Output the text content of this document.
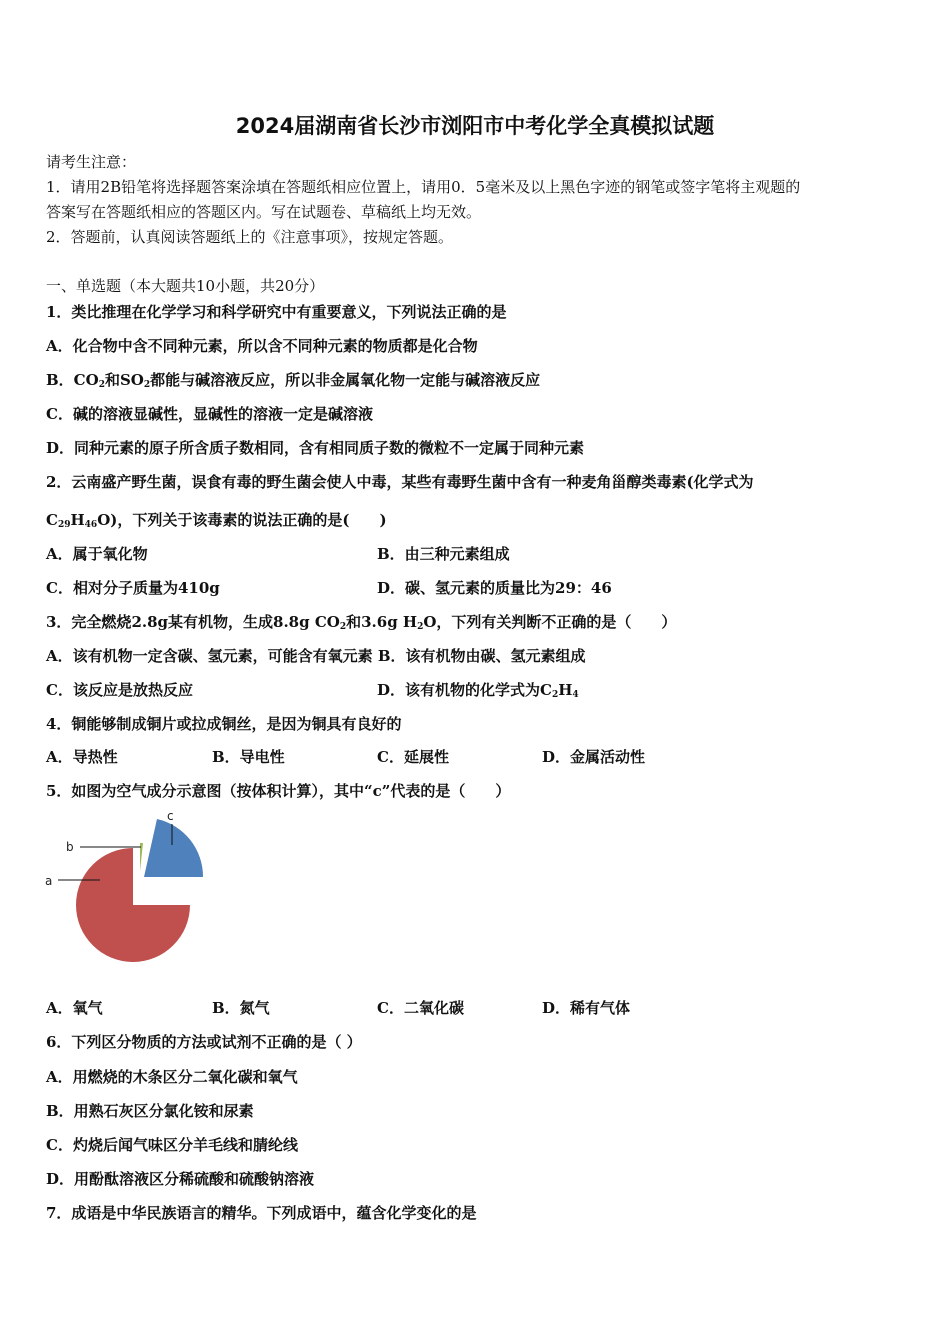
2024届湖南省长沙市浏阳市中考化学全真模拟试题
请考生注意：
1．请用2B铅笔将选择题答案涂填在答题纸相应位置上，请用0．5毫米及以上黑色字迹的钢笔或签字笔将主观题的
答案写在答题纸相应的答题区内。写在试题卷、草稿纸上均无效。
2．答题前，认真阅读答题纸上的《注意事项》，按规定答题。
一、单选题（本大题共10小题，共20分）
1．类比推理在化学学习和科学研究中有重要意义，下列说法正确的是
A．化合物中含不同种元素，所以含不同种元素的物质都是化合物
B．$CO_2$和$SO_2$都能与碱溶液反应，所以非金属氧化物一定能与碱溶液反应
C．碱的溶液显碱性，显碱性的溶液一定是碱溶液
D．同种元素的原子所含质子数相同，含有相同质子数的微粒不一定属于同种元素
2．云南盛产野生菌，误食有毒的野生菌会使人中毒，某些有毒野生菌中含有一种麦角甾醇类毒素(化学式为
$C_{29}H_{46}O$)，下列关于该毒素的说法正确的是(　　)
A．属于氧化物	B．由三种元素组成
C．相对分子质量为410g	D．碳、氢元素的质量比为29：46
3．完全燃烧2.8g某有机物，生成8.8g $CO_2$和3.6g $H_2O$，下列有关判断不正确的是（　　）
A．该有机物一定含碳、氢元素，可能含有氧元素 B．该有机物由碳、氢元素组成
C．该反应是放热反应	D．该有机物的化学式为$C_2H_4$
4．铜能够制成铜片或拉成铜丝，是因为铜具有良好的
A．导热性	B．导电性	C．延展性	D．金属活动性
5．如图为空气成分示意图（按体积计算），其中“c”代表的是（　　）
a
b
c
A．氧气	B．氮气	C．二氧化碳	D．稀有气体
6．下列区分物质的方法或试剂不正确的是（ ）
A．用燃烧的木条区分二氧化碳和氧气
B．用熟石灰区分氯化铵和尿素
C．灼烧后闻气味区分羊毛线和腈纶线
D．用酚酞溶液区分稀硫酸和硫酸钠溶液
7．成语是中华民族语言的精华。下列成语中，蕴含化学变化的是
